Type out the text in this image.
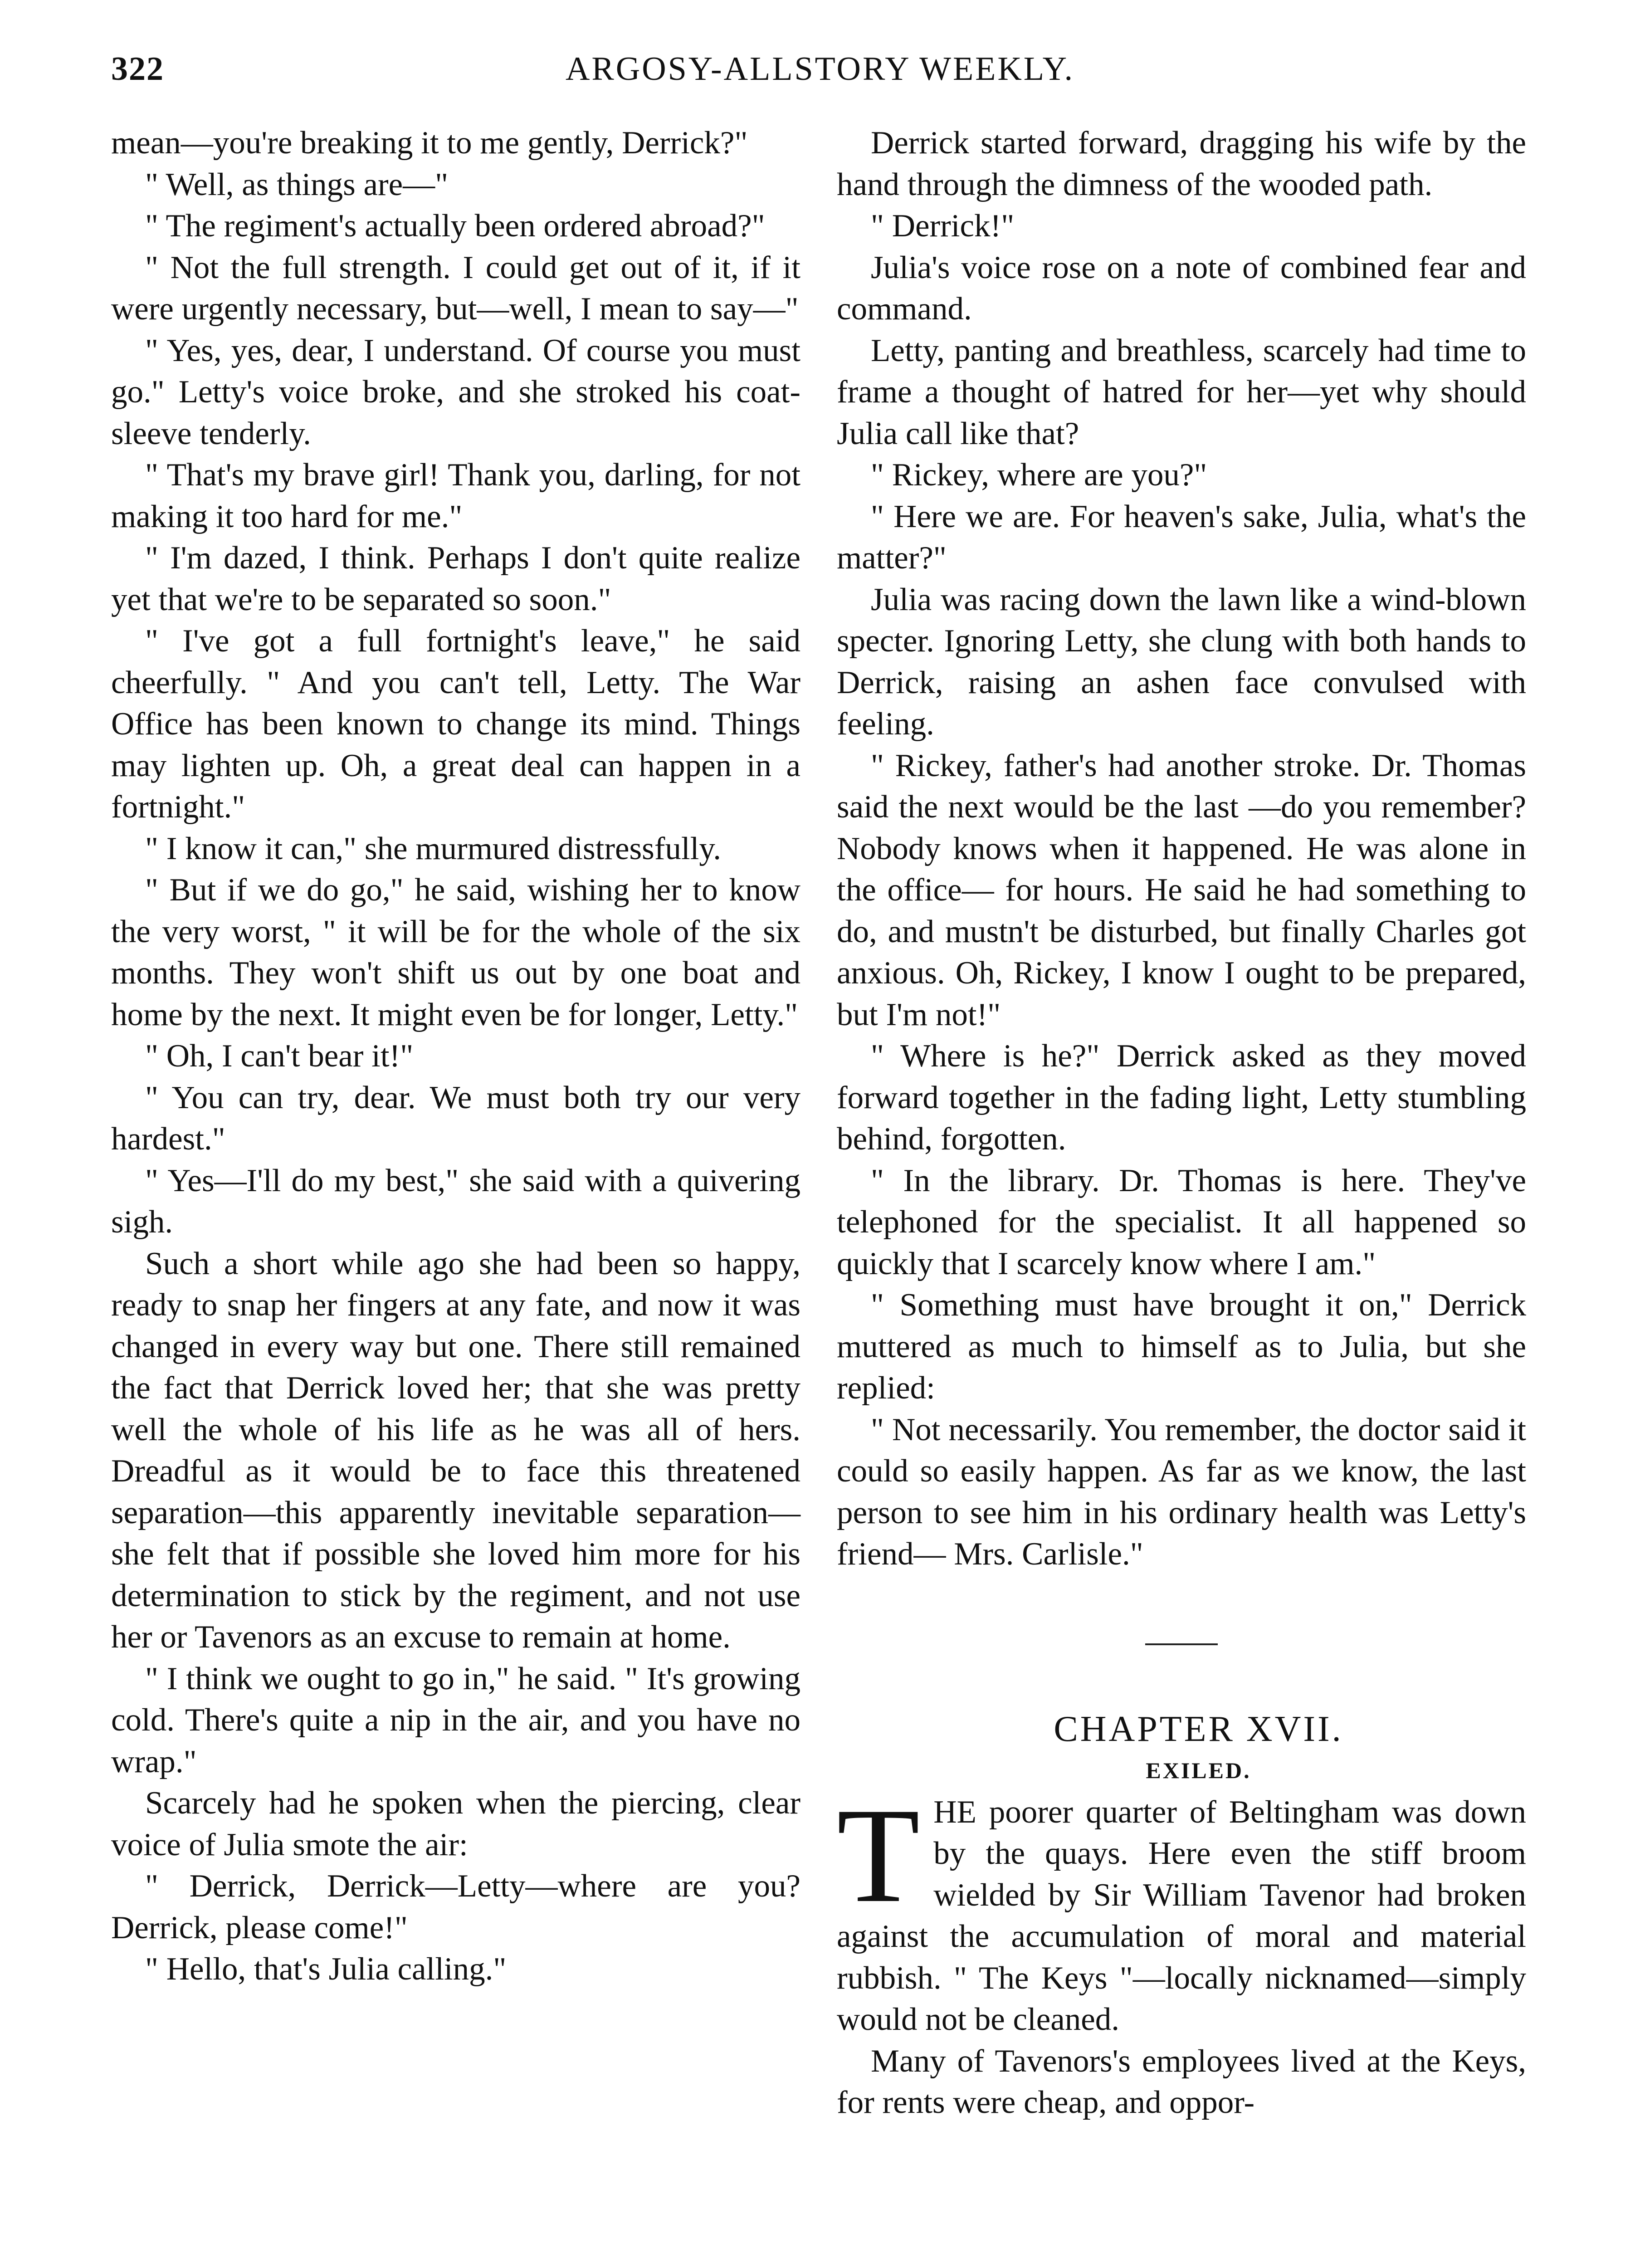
322	ARGOSY-ALLSTORY WEEKLY.

mean—you're breaking it to me gently, Derrick?"

" Well, as things are—"

" The regiment's actually been ordered abroad?"

" Not the full strength. I could get out of it, if it were urgently necessary, but—well, I mean to say—"

" Yes, yes, dear, I understand. Of course you must go." Letty's voice broke, and she stroked his coat-sleeve tenderly.

" That's my brave girl! Thank you, darling, for not making it too hard for me."

" I'm dazed, I think. Perhaps I don't quite realize yet that we're to be separated so soon."

" I've got a full fortnight's leave," he said cheerfully. " And you can't tell, Letty. The War Office has been known to change its mind. Things may lighten up. Oh, a great deal can happen in a fortnight."

" I know it can," she murmured distressfully.

" But if we do go," he said, wishing her to know the very worst, " it will be for the whole of the six months. They won't shift us out by one boat and home by the next. It might even be for longer, Letty."

" Oh, I can't bear it!"

" You can try, dear. We must both try our very hardest."

" Yes—I'll do my best," she said with a quivering sigh.

Such a short while ago she had been so happy, ready to snap her fingers at any fate, and now it was changed in every way but one. There still remained the fact that Derrick loved her; that she was pretty well the whole of his life as he was all of hers. Dreadful as it would be to face this threatened separation—this apparently inevitable separation—she felt that if possible she loved him more for his determination to stick by the regiment, and not use her or Tavenors as an excuse to remain at home.

" I think we ought to go in," he said. " It's growing cold. There's quite a nip in the air, and you have no wrap."

Scarcely had he spoken when the piercing, clear voice of Julia smote the air:

" Derrick, Derrick—Letty—where are you? Derrick, please come!"

" Hello, that's Julia calling."

Derrick started forward, dragging his wife by the hand through the dimness of the wooded path.

" Derrick!"

Julia's voice rose on a note of combined fear and command.

Letty, panting and breathless, scarcely had time to frame a thought of hatred for her—yet why should Julia call like that?

" Rickey, where are you?"

" Here we are. For heaven's sake, Julia, what's the matter?"

Julia was racing down the lawn like a wind-blown specter. Ignoring Letty, she clung with both hands to Derrick, raising an ashen face convulsed with feeling.

" Rickey, father's had another stroke. Dr. Thomas said the next would be the last —do you remember? Nobody knows when it happened. He was alone in the office— for hours. He said he had something to do, and mustn't be disturbed, but finally Charles got anxious. Oh, Rickey, I know I ought to be prepared, but I'm not!"

" Where is he?" Derrick asked as they moved forward together in the fading light, Letty stumbling behind, forgotten.

" In the library. Dr. Thomas is here. They've telephoned for the specialist. It all happened so quickly that I scarcely know where I am."

" Something must have brought it on," Derrick muttered as much to himself as to Julia, but she replied:

" Not necessarily. You remember, the doctor said it could so easily happen. As far as we know, the last person to see him in his ordinary health was Letty's friend— Mrs. Carlisle."

CHAPTER XVII.

EXILED.

THE poorer quarter of Beltingham was down by the quays. Here even the stiff broom wielded by Sir William Tavenor had broken against the accumulation of moral and material rubbish. " The Keys "—locally nicknamed—simply would not be cleaned.

Many of Tavenors's employees lived at the Keys, for rents were cheap, and oppor-
